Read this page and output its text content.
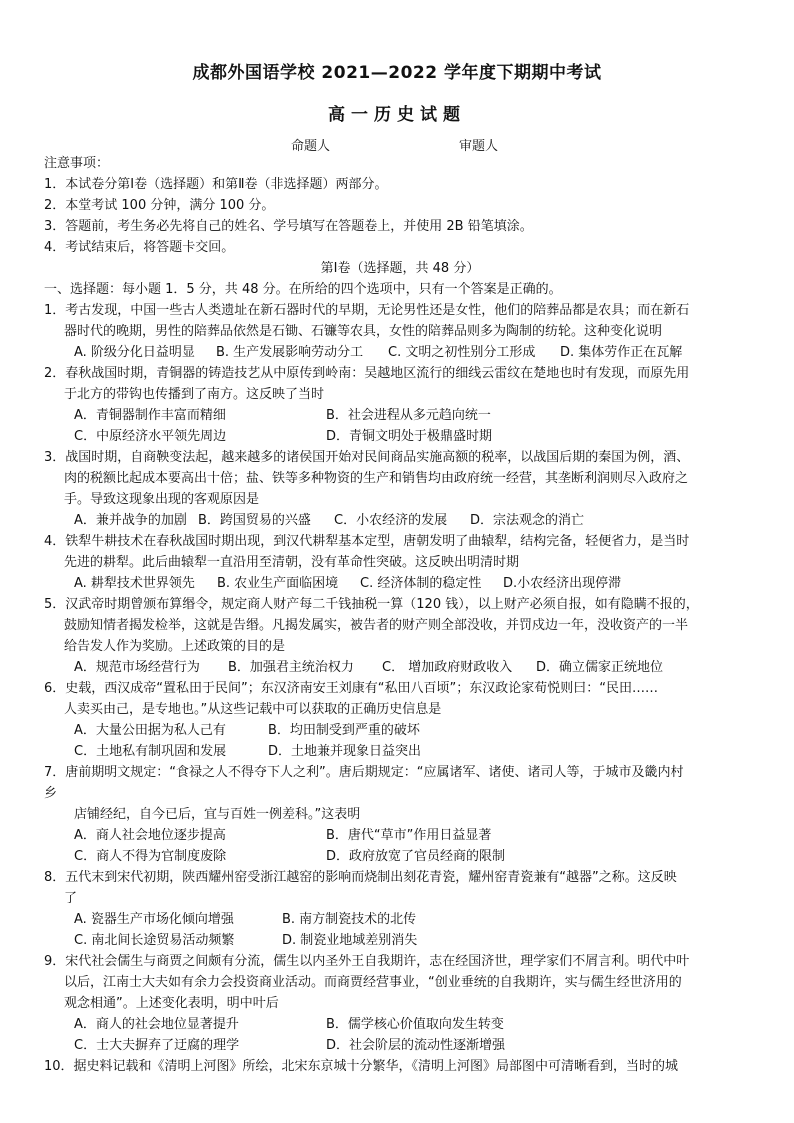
成都外国语学校 2021—2022 学年度下期期中考试
高一历史试题
命题人	审题人
注意事项：
1．本试卷分第Ⅰ卷（选择题）和第Ⅱ卷（非选择题）两部分。
2．本堂考试 100 分钟，满分 100 分。
3．答题前，考生务必先将自己的姓名、学号填写在答题卷上，并使用 2B 铅笔填涂。
4．考试结束后，将答题卡交回。
第Ⅰ卷（选择题，共 48 分）
一、选择题：每小题 1．5 分，共 48 分。在所给的四个选项中，只有一个答案是正确的。
1．考古发现，中国一些古人类遗址在新石器时代的早期，无论男性还是女性，他们的陪葬品都是农具；而在新石
器时代的晚期，男性的陪葬品依然是石锄、石镰等农具，女性的陪葬品则多为陶制的纺轮。这种变化说明
A. 阶级分化日益明显	B. 生产发展影响劳动分工	C. 文明之初性别分工形成	D. 集体劳作正在瓦解
2．春秋战国时期，青铜器的铸造技艺从中原传到岭南：吴越地区流行的细线云雷纹在楚地也时有发现，而原先用
于北方的带钩也传播到了南方。这反映了当时
A．青铜器制作丰富而精细	B．社会进程从多元趋向统一
C．中原经济水平领先周边	D．青铜文明处于极鼎盛时期
3．战国时期，自商鞅变法起，越来越多的诸侯国开始对民间商品实施高额的税率，以战国后期的秦国为例，酒、
肉的税额比起成本要高出十倍；盐、铁等多种物资的生产和销售均由政府统一经营，其垄断利润则尽入政府之
手。导致这现象出现的客观原因是
A．兼并战争的加剧 B．跨国贸易的兴盛	C．小农经济的发展	D．宗法观念的消亡
4．铁犁牛耕技术在春秋战国时期出现，到汉代耕犁基本定型，唐朝发明了曲辕犁，结构完备，轻便省力，是当时
先进的耕犁。此后曲辕犁一直沿用至清朝，没有革命性突破。这反映出明清时期
A. 耕犁技术世界领先	B. 农业生产面临困境	C. 经济体制的稳定性	D.小农经济出现停滞
5．汉武帝时期曾颁布算缗令，规定商人财产每二千钱抽税一算（120 钱），以上财产必须自报，如有隐瞒不报的，
鼓励知情者揭发检举，这就是告缗。凡揭发属实，被告者的财产则全部没收，并罚戍边一年，没收资产的一半
给告发人作为奖励。上述政策的目的是
A．规范市场经营行为	B．加强君主统治权力	C． 增加政府财政收入	D．确立儒家正统地位
6．史载，西汉成帝“置私田于民间”；东汉济南安王刘康有“私田八百顷”；东汉政论家荀悦则曰：“民田……
人卖买由己，是专地也。”从这些记载中可以获取的正确历史信息是
A．大量公田据为私人己有	B．均田制受到严重的破坏
C．土地私有制巩固和发展	D．土地兼并现象日益突出
7．唐前期明文规定：“食禄之人不得夺下人之利”。唐后期规定：“应属诸军、诸使、诸司人等，于城市及畿内村
乡
店铺经纪，自今已后，宜与百姓一例差科。”这表明
A．商人社会地位逐步提高	B．唐代“草市”作用日益显著
C．商人不得为官制度废除	D．政府放宽了官员经商的限制
8．五代末到宋代初期，陕西耀州窑受浙江越窑的影响而烧制出刻花青瓷，耀州窑青瓷兼有“越器”之称。这反映
了
A. 瓷器生产市场化倾向增强	B. 南方制瓷技术的北传
C. 南北间长途贸易活动频繁	D. 制瓷业地域差别消失
9．宋代社会儒生与商贾之间颇有分流，儒生以内圣外王自我期许，志在经国济世，理学家们不屑言利。明代中叶
以后，江南士大夫如有余力会投资商业活动。而商贾经营事业，“创业垂统的自我期许，实与儒生经世济用的
观念相通”。上述变化表明，明中叶后
A．商人的社会地位显著提升	B．儒学核心价值取向发生转变
C．士大夫摒弃了迂腐的理学	D．社会阶层的流动性逐渐增强
10．据史料记载和《清明上河图》所绘，北宋东京城十分繁华，《清明上河图》局部图中可清晰看到，当时的城
